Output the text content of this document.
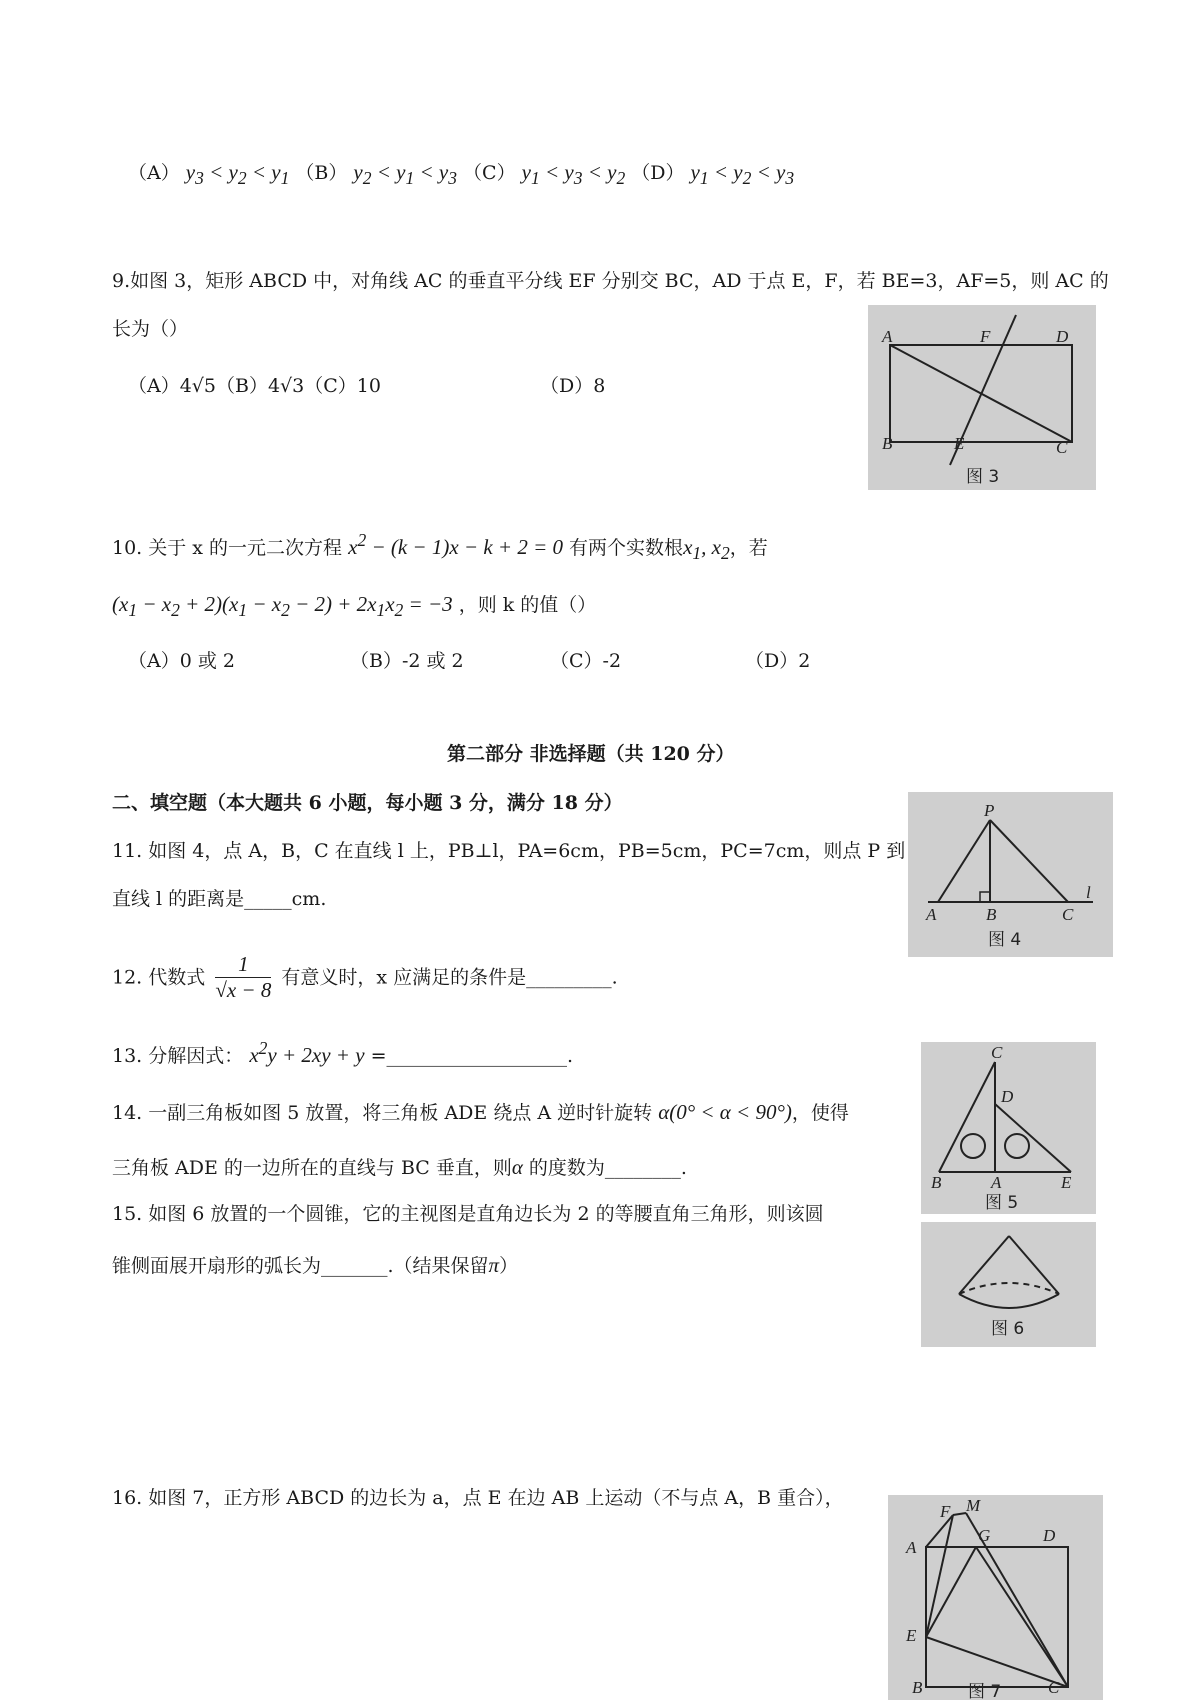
（A） $y_3 < y_2 < y_1$ （B） $y_2 < y_1 < y_3$ （C） $y_1 < y_3 < y_2$ （D） $y_1 < y_2 < y_3$
9.如图 3，矩形 ABCD 中，对角线 AC 的垂直平分线 EF 分别交 BC，AD 于点 E，F，若 BE=3，AF=5，则 AC 的
长为（）
（A）4√5（B）4√3（C）10	（D）8
A	F	D
B	E	C
图 3
10. 关于 x 的一元二次方程 $x^2 - (k - 1)x - k + 2 = 0$ 有两个实数根$x_1$, $x_2$，若
$(x_1 - x_2 + 2)(x_1 - x_2 - 2) + 2x_1x_2 = -3$ ，则 k 的值（）
（A）0 或 2	（B）-2 或 2	（C）-2	（D）2
第二部分 非选择题（共 120 分）
二、填空题（本大题共 6 小题，每小题 3 分，满分 18 分）
11. 如图 4，点 A，B，C 在直线 l 上，PB⊥l，PA=6cm，PB=5cm，PC=7cm，则点 P 到
直线 l 的距离是_____cm.
P
A	B	C
l
图 4
12. 代数式 $\frac{1}{√x - 8}$ 有意义时，x 应满足的条件是_________.
13. 分解因式： $x^2y + 2xy + y$ =___________________.
14. 一副三角板如图 5 放置，将三角板 ADE 绕点 A 逆时针旋转 α(0° < α < 90°)，使得
三角板 ADE 的一边所在的直线与 BC 垂直，则α 的度数为________.
C
D
B	A	E
图 5
15. 如图 6 放置的一个圆锥，它的主视图是直角边长为 2 的等腰直角三角形，则该圆
锥侧面展开扇形的弧长为_______.（结果保留π）
图 6
16. 如图 7，正方形 ABCD 的边长为 a，点 E 在边 AB 上运动（不与点 A，B 重合），
F M
G
A
D
E
B	C
图 7
